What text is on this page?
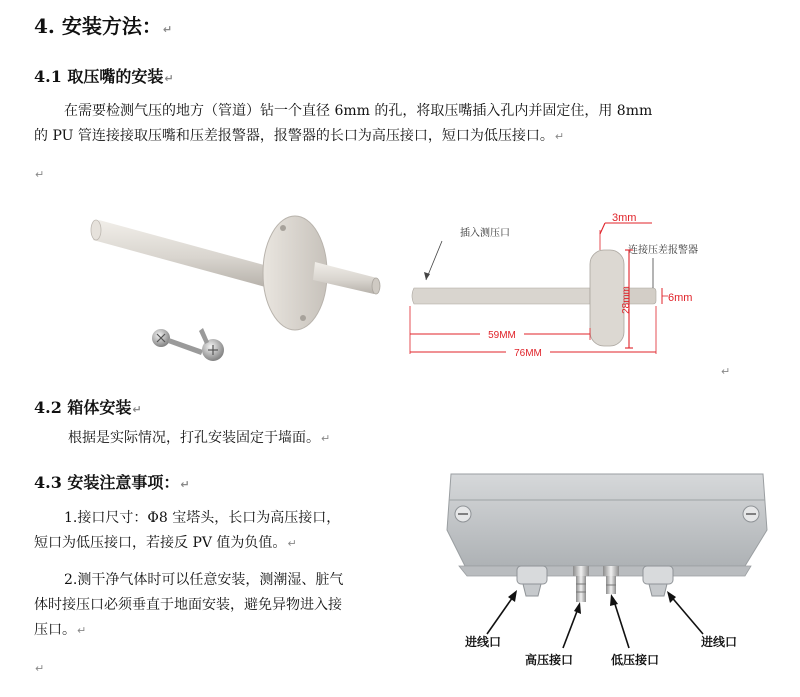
4. 安装方法：↵
4.1 取压嘴的安装↵
在需要检测气压的地方（管道）钻一个直径 6mm 的孔，将取压嘴插入孔内并固定住，用 8mm
的 PU 管连接接取压嘴和压差报警器，报警器的长口为高压接口，短口为低压接口。↵
↵
插入测压口
连接压差报警器
3mm
28mm	6mm
59MM
76MM
↵
4.2 箱体安装↵
根据是实际情况，打孔安装固定于墙面。↵
4.3 安装注意事项：↵
1.接口尺寸：Φ8 宝塔头，长口为高压接口，
短口为低压接口，若接反 PV 值为负值。↵
2.测干净气体时可以任意安装，测潮湿、脏气
体时接压口必须垂直于地面安装，避免异物进入接
压口。↵
↵
进线口
高压接口	低压接口
进线口
